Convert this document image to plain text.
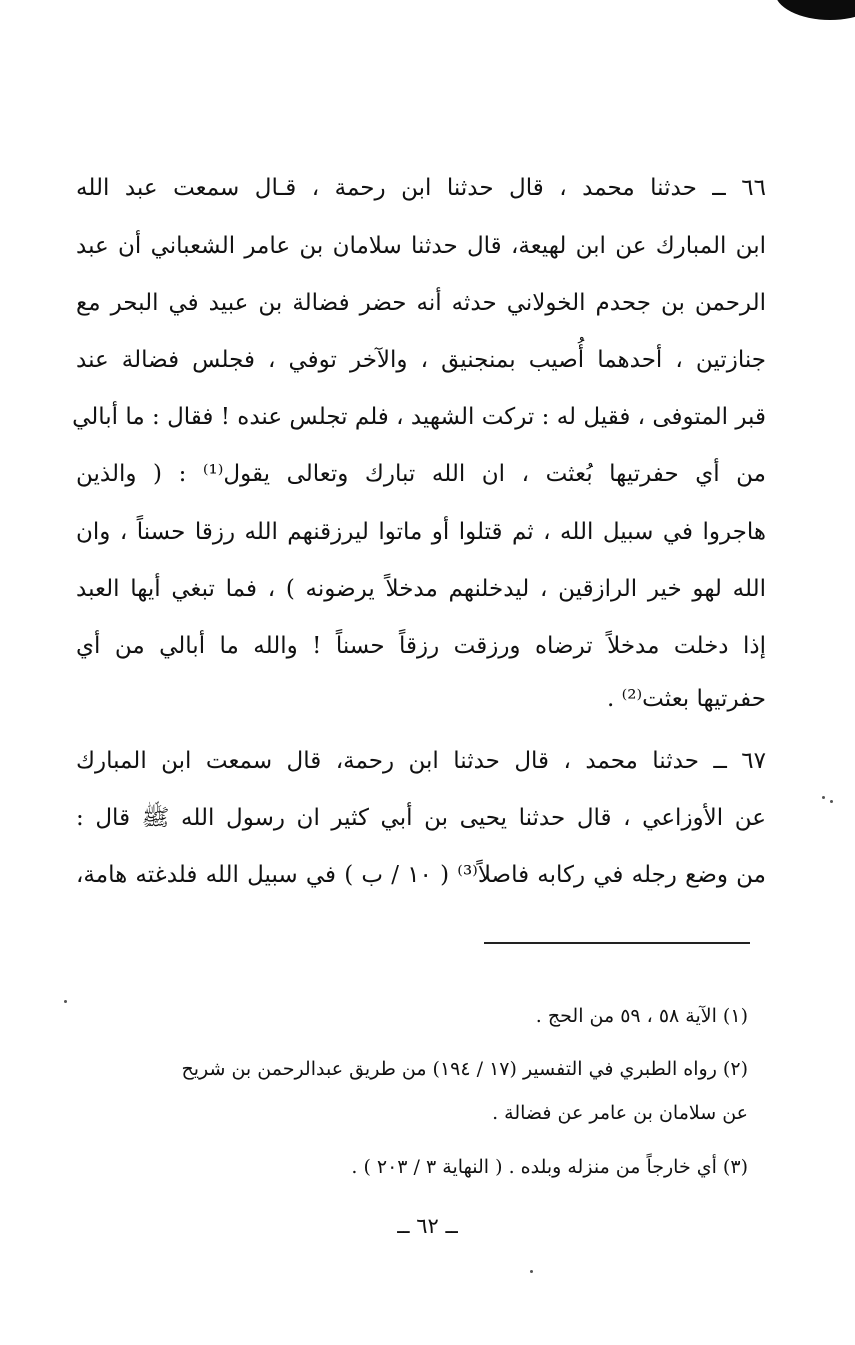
٦٦ ــ حدثنا محمد ، قال حدثنا ابن رحمة ، قـال سمعت عبد الله
ابن المبارك عن ابن لهيعة، قال حدثنا سلامان بن عامر الشعباني أن عبد
الرحمن بن جحدم الخولاني حدثه أنه حضر فضالة بن عبيد في البحر مع
جنازتين ، أحدهما أُصيب بمنجنيق ، والآخر توفي ، فجلس فضالة عند
قبر المتوفى ، فقيل له : تركت الشهيد ، فلم تجلس عنده ! فقال : ما أبالي
من أي حفرتيها بُعثت ، ان الله تبارك وتعالى يقول⁽¹⁾ : ( والذين
هاجروا في سبيل الله ، ثم قتلوا أو ماتوا ليرزقنهم الله رزقا حسناً ، وان
الله لهو خير الرازقين ، ليدخلنهم مدخلاً يرضونه ) ، فما تبغي أيها العبد
إذا دخلت مدخلاً ترضاه ورزقت رزقاً حسناً ! والله ما أبالي من أي
حفرتيها بعثت⁽²⁾ .
٦٧ ــ حدثنا محمد ، قال حدثنا ابن رحمة، قال سمعت ابن المبارك
عن الأوزاعي ، قال حدثنا يحيى بن أبي كثير ان رسول الله ﷺ قال :
من وضع رجله في ركابه فاصلاً⁽³⁾ ( ١٠ / ب ) في سبيل الله فلدغته هامة،
(١) الآية ٥٨ ، ٥٩ من الحج .
(٢) رواه الطبري في التفسير (١٧ / ١٩٤) من طريق عبدالرحمن بن شريح
عن سلامان بن عامر عن فضالة .
(٣) أي خارجاً من منزله وبلده . ( النهاية ٣ / ٢٠٣ ) .
ــ ٦٢ ــ
